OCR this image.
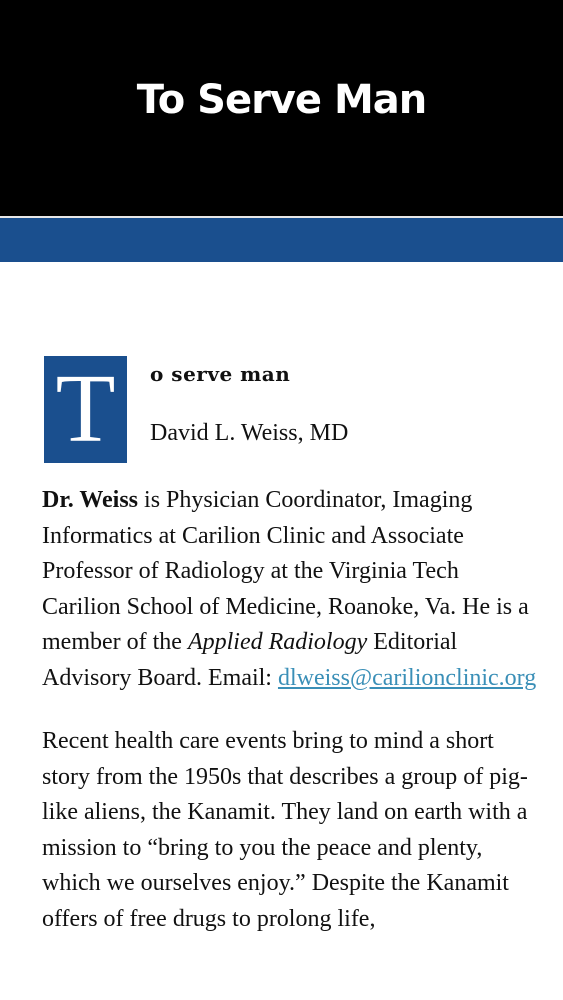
To Serve Man
T	o serve man
David L. Weiss, MD

Dr. Weiss is Physician Coordinator, Imaging Informatics at Carilion Clinic and Associate Professor of Radiology at the Virginia Tech Carilion School of Medicine, Roanoke, Va. He is a member of the Applied Radiology Editorial Advisory Board. Email: dlweiss@carilionclinic.org

Recent health care events bring to mind a short story from the 1950s that describes a group of pig-like aliens, the Kanamit. They land on earth with a mission to “bring to you the peace and plenty, which we ourselves enjoy.” Despite the Kanamit offers of free drugs to prolong life,
